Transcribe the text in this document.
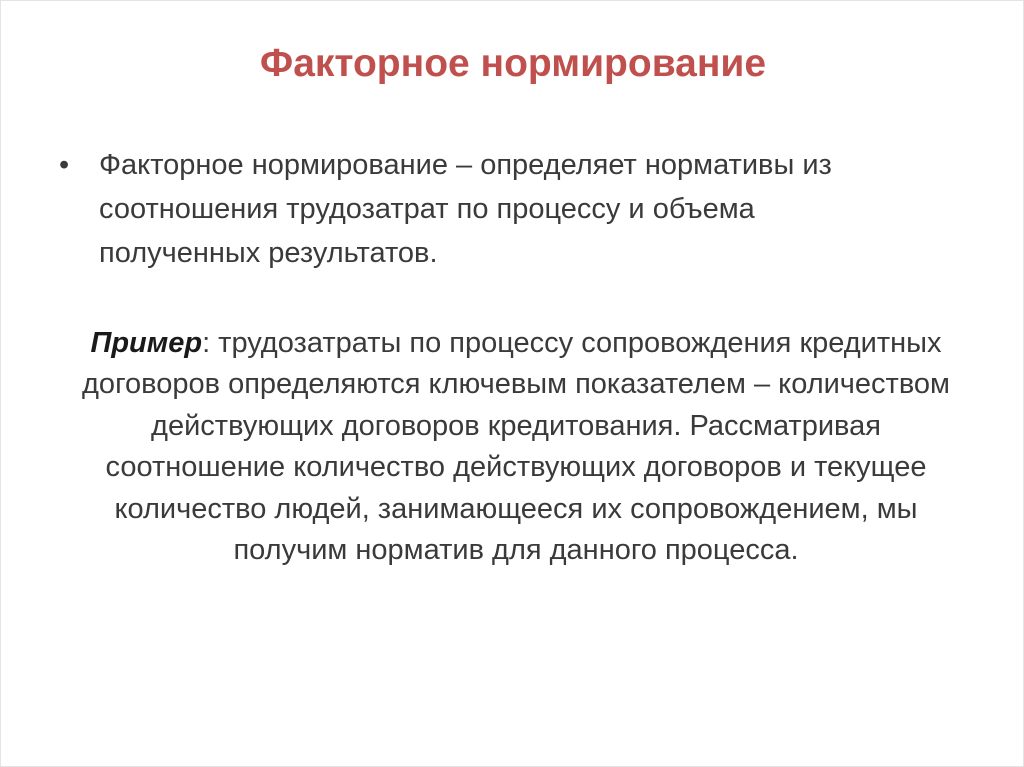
Факторное нормирование
•	Факторное нормирование – определяет нормативы из соотношения трудозатрат по процессу и объема полученных результатов.
Пример: трудозатраты по процессу сопровождения кредитных договоров определяются ключевым показателем – количеством действующих договоров кредитования. Рассматривая соотношение количество действующих договоров и текущее количество людей, занимающееся их сопровождением, мы получим норматив для данного процесса.
